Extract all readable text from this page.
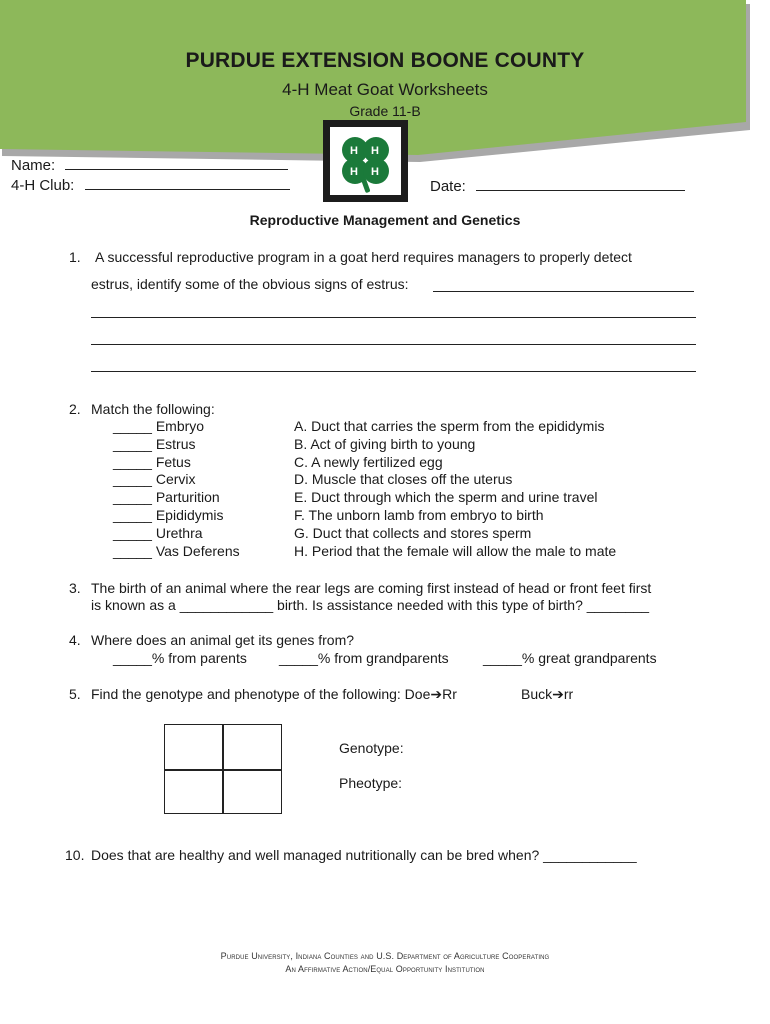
PURDUE EXTENSION BOONE COUNTY
4-H Meat Goat Worksheets
Grade 11-B
H H
H H
Name:
4-H Club:	Date:
Reproductive Management and Genetics
1. A successful reproductive program in a goat herd requires managers to properly detect
estrus, identify some of the obvious signs of estrus:
2. Match the following:
_____ Embryo
_____ Estrus
_____ Fetus
_____ Cervix
_____ Parturition
_____ Epididymis
_____ Urethra
_____ Vas Deferens
A. Duct that carries the sperm from the epididymis
B. Act of giving birth to young
C. A newly fertilized egg
D. Muscle that closes off the uterus
E. Duct through which the sperm and urine travel
F. The unborn lamb from embryo to birth
G. Duct that collects and stores sperm
H. Period that the female will allow the male to mate
3. The birth of an animal where the rear legs are coming first instead of head or front feet first
is known as a ____________ birth. Is assistance needed with this type of birth? ________
4. Where does an animal get its genes from?
_____% from parents _____% from grandparents _____% great grandparents
5. Find the genotype and phenotype of the following: Doe➔Rr	Buck➔rr
Genotype:
Pheotype:
10. Does that are healthy and well managed nutritionally can be bred when? ____________
Purdue University, Indiana Counties and U.S. Department of Agriculture Cooperating
An Affirmative Action/Equal Opportunity Institution
